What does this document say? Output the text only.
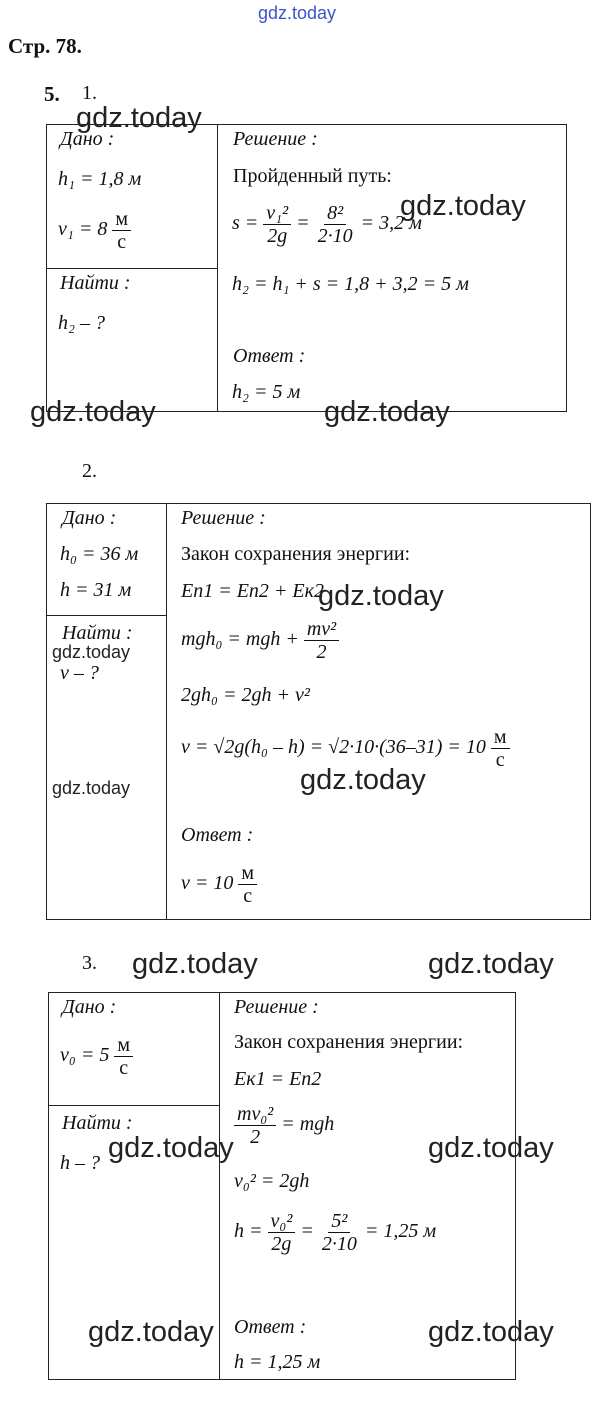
gdz.today
Стр. 78.
5. 1.
Дано :
h₁ = 1,8 м
$v_1 = 8 \frac{м}{с}$
Найти :
h₂ – ?
Решение :
Пройденный путь:
$s = \frac{\text{v₁²}}{2g} = \frac{\text{8²}}{2\cdot 10} = 3,2$ м
h₂ = h₁ + s = 1,8 + 3,2 = 5 м
Ответ :
h₂ = 5 м
2.
Дано :
h₀ = 36 м
h = 31 м
Найти :
v – ?
Решение :
Закон сохранения энергии:
Eп1 = Eп2 + Eк2
mgh₀ = mgh + $\frac{\text{mv²}}{2}$
2gh₀ = 2gh + v²
$v = √2g(h_0 - h) = √2\cdot 10\cdot(36-31) = 10 \frac{м}{с}$
Ответ :
$v = 10 \frac{м}{с}$
3.
Дано :
$v_0 = 5 \frac{м}{с}$
Найти :
h – ?
Решение :
Закон сохранения энергии:
Eк1 = Eп2
$\frac{\text{mv₀²}}{2}$ = mgh
v₀² = 2gh
$h = \frac{\text{v₀²}}{2g} = \frac{\text{5²}}{2\cdot 10} = 1,25$ м
Ответ :
h = 1,25 м
gdz.today
gdz.today
gdz.today	gdz.today
gdz.today
gdz.today
gdz.today
gdz.today
gdz.today	gdz.today
gdz.today	gdz.today
gdz.today	gdz.today
